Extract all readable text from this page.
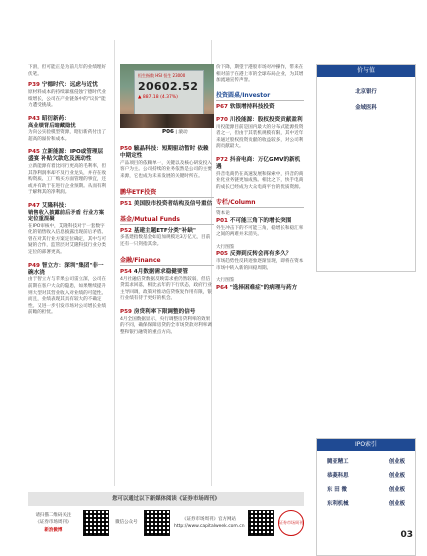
下滑，但可能正是为前几年的业绩埋好伏笔。
P39 宁德时代：远虑与近忧
原材料成本的持续暴涨侵蚀宁德时代业绩增长，公司在产业链条中的"议价"能力遭受挑战。
P43 昭衍新药：
高业绩背后暗藏隐忧
为向公实验模型资源，昭衍新药付出了超高的溢价和成本。
P45 立新能源：IPO或管理层盛宴 补贴欠款危及流动性
立新能源有着比同行更高的毛利率，但其净利润率却不及行业龙头，并存在收购资质、工厂购买方面管理的事宜，还或并有助于在进行企业预期。从而有利于解释其的净利润。
P47 艾隆科技：
销售收入披露前后矛盾 行业方案定位重混凝
在IPO审核中，艾隆科技对于一套数字化的销售收入信息披露出现前后矛盾。曾在对其行业方案定位确定，其中与可疑的合作，监管层对艾隆科技行业分类定位的部署更高。
P49 智立方：深圳"集团"非一碗水浇
由于智立方与苹果公司雷立深，公司在前期在客户大众的隐患，如果继续提升则大型对其营业收入对业绩的可能性。而且，业绩表现其具有较大的不确定性。又进一步引发市场对公司增长业绩前瞻的担忧。
恒生指数 HSI 恒生 23000
20602.52
▲ 887.18 (4.37%)
P06 | 滚动
P50 毓晶科技：短期驱动暂时 依赖中期定性
产品项目的依赖单一，关键以及核心研发投入客户为主。公司持续的业务依然是公司的主要来源，它也成为未来发展的关键时所在。
鹏华ETF投资
P51 美国股市投资者结构及信号重估
基金/Mutual Funds
P52 基建主题ETF分类"补缺"
多基建指数基金如追加规模达3万亿元，目前还有一只剑指其余。
金融/Finance
P54 4月数据需求稳健要管
4月社融信贷数据反映需求重仍然较弱，但信贷需求回落，相比去年的下行状态，政府行业主导回调，政策对推动信贷恢复作用有限，银行业绩有待于更好的机会。
P59 房贷利率下限调整的信号
4月全国数据显示，央行调整房贷利率的效果的不同，确保保障房贷的全市场贷款对利率调整和银行融资的重点方向。
价下降，期望于港股市场对冲操作，带来在相对前于在港上市的全球布局企业，为其增加流通宣传声誉。
投资圆桌/Investor
P67 软银增持科技投资
P70 川投能源：股权投资贡献盈利
川投能源目前是国内最大的分布式能源投资者之一，但由于其装机规模有限，其中近年来通过股权投资贡献的收益较多，对公司利润贡献最大。
P72 抖音电商：万亿GMV的新机遇
抖音电商仍在高速发展和探索中，抖音的商业化业务链更加成熟。相比之下，快手电商的成长已经成为大众电商平台的优质资源。
专栏/Column
资本论
P01 不可能三角下的增长突围
外生冲击下的不可能三角，稳增长和稳汇率之间的两难并未消失。
大行图鉴
P05 反弹到反转会再有多久？
市场趋势性反转迹象逐渐显现，即将在资本市场中转入新的回稳周期。
大行图鉴
P64 "选择困难症"的病理与药方
价与值
北京银行
金域医科
IPO索引
腾亚精工	创业板
恭菱科思	创业板
东 田 微	创业板
东利机械	创业板
您可以通过以下新媒体阅读《证券市场周刊》
请扫描二维码关注
《证券市场周刊》
新浪微博
微信公众号
《证券市场周刊》官方网站
http://www.capitalweek.com.cn
证券市场周刊
03
